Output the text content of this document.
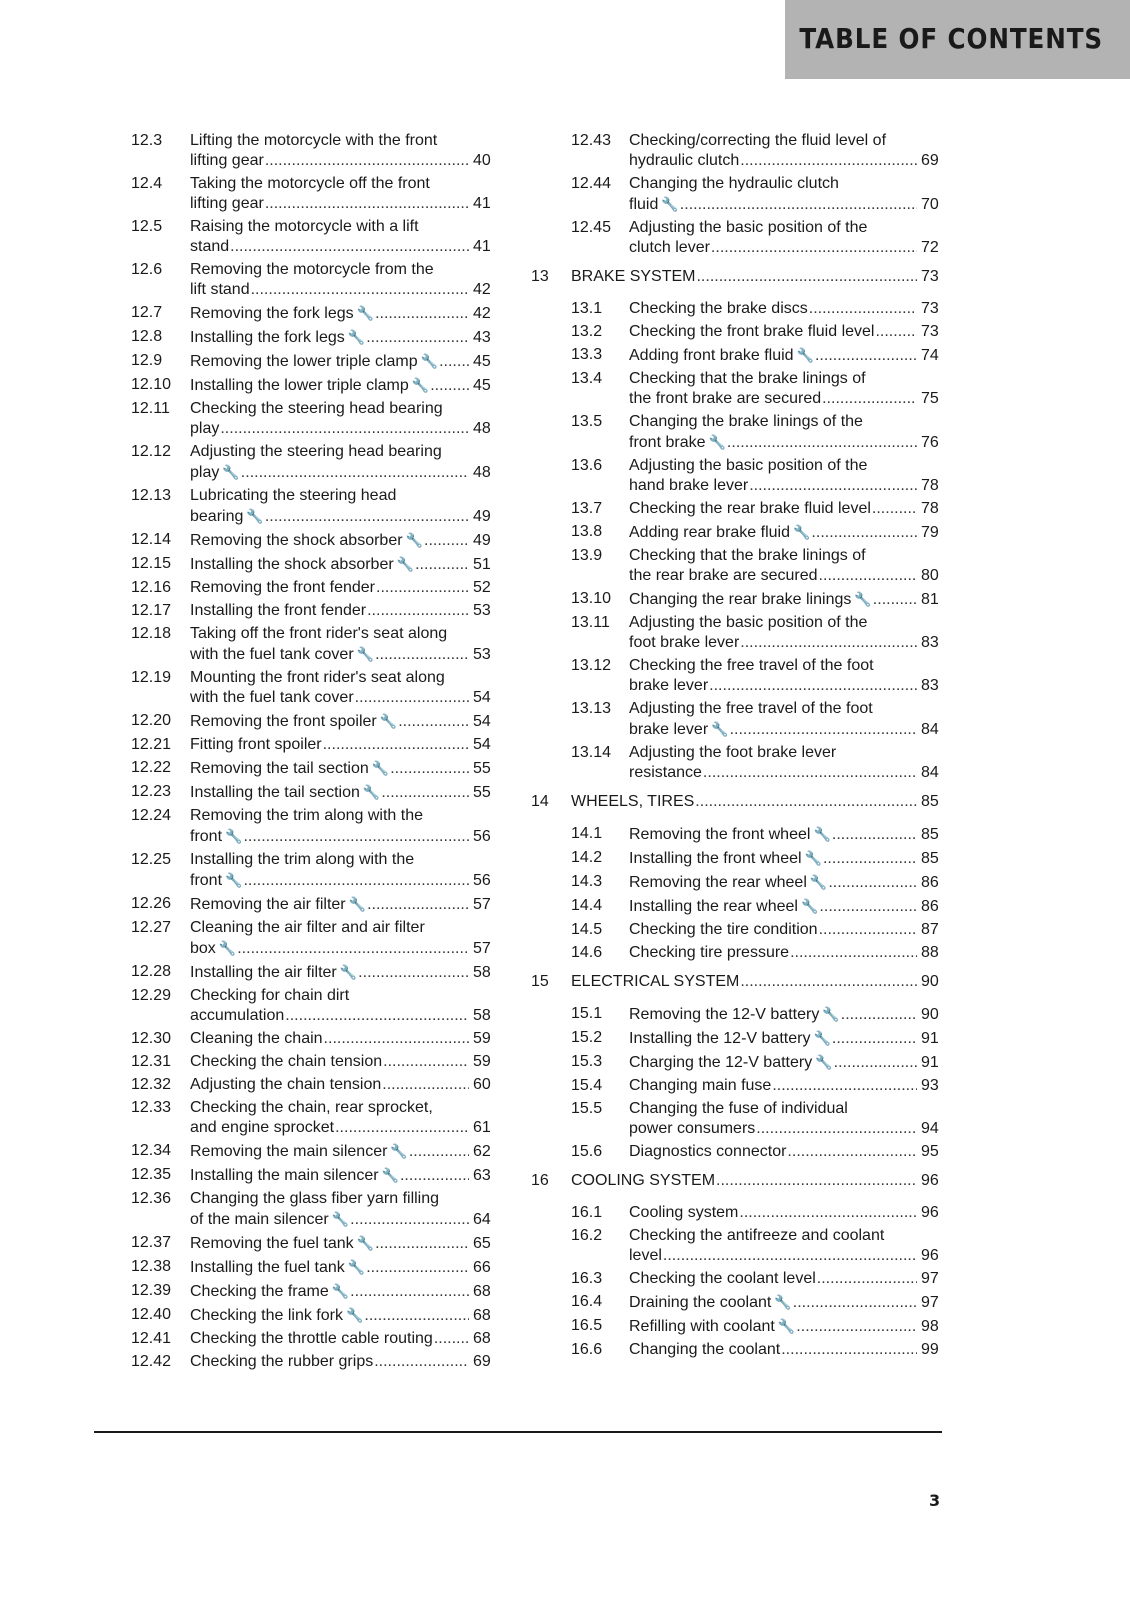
TABLE OF CONTENTS
12.3 Lifting the motorcycle with the front
lifting gear .....	40
12.4 Taking the motorcycle off the front
lifting gear .....	41
12.5 Raising the motorcycle with a lift
stand .....	41
12.6 Removing the motorcycle from the
lift stand .....	42
12.7 Removing the fork legs 🔧 .....	42
12.8 Installing the fork legs 🔧 .....	43
12.9 Removing the lower triple clamp 🔧 ..... 45
12.10 Installing the lower triple clamp 🔧 .....	45
12.11 Checking the steering head bearing
play .....	48
12.12 Adjusting the steering head bearing
play 🔧 .....	48
12.13 Lubricating the steering head
bearing 🔧 .....	49
12.14 Removing the shock absorber 🔧 .....	49
12.15 Installing the shock absorber 🔧 .....	51
12.16 Removing the front fender .....	52
12.17 Installing the front fender .....	53
12.18 Taking off the front rider's seat along
with the fuel tank cover 🔧 .....	53
12.19 Mounting the front rider's seat along
with the fuel tank cover .....	54
12.20 Removing the front spoiler 🔧 .....	54
12.21 Fitting front spoiler .....	54
12.22 Removing the tail section 🔧 .....	55
12.23 Installing the tail section 🔧 .....	55
12.24 Removing the trim along with the
front 🔧 .....	56
12.25 Installing the trim along with the
front 🔧 .....	56
12.26 Removing the air filter 🔧 .....	57
12.27 Cleaning the air filter and air filter
box 🔧 .....	57
12.28 Installing the air filter 🔧 .....	58
12.29 Checking for chain dirt
accumulation .....	58
12.30 Cleaning the chain .....	59
12.31 Checking the chain tension .....	59
12.32 Adjusting the chain tension .....	60
12.33 Checking the chain, rear sprocket,
and engine sprocket .....	61
12.34 Removing the main silencer 🔧 .....	62
12.35 Installing the main silencer 🔧 .....	63
12.36 Changing the glass fiber yarn filling
of the main silencer 🔧 .....	64
12.37 Removing the fuel tank 🔧 .....	65
12.38 Installing the fuel tank 🔧 .....	66
12.39 Checking the frame 🔧 .....	68
12.40 Checking the link fork 🔧 .....	68
12.41 Checking the throttle cable routing .....	68
12.42 Checking the rubber grips .....	69
12.43 Checking/correcting the fluid level of
hydraulic clutch .....	69
12.44 Changing the hydraulic clutch
fluid 🔧 .....	70
12.45 Adjusting the basic position of the
clutch lever .....	72
13 BRAKE SYSTEM .....	73
13.1 Checking the brake discs .....	73
13.2 Checking the front brake fluid level .....	73
13.3 Adding front brake fluid 🔧 .....	74
13.4 Checking that the brake linings of
the front brake are secured .....	75
13.5 Changing the brake linings of the
front brake 🔧 .....	76
13.6 Adjusting the basic position of the
hand brake lever .....	78
13.7 Checking the rear brake fluid level .....	78
13.8 Adding rear brake fluid 🔧 .....	79
13.9 Checking that the brake linings of
the rear brake are secured .....	80
13.10 Changing the rear brake linings 🔧 .....	81
13.11 Adjusting the basic position of the
foot brake lever .....	83
13.12 Checking the free travel of the foot
brake lever .....	83
13.13 Adjusting the free travel of the foot
brake lever 🔧 .....	84
13.14 Adjusting the foot brake lever
resistance .....	84
14 WHEELS, TIRES .....	85
14.1 Removing the front wheel 🔧 .....	85
14.2 Installing the front wheel 🔧 .....	85
14.3 Removing the rear wheel 🔧 .....	86
14.4 Installing the rear wheel 🔧 .....	86
14.5 Checking the tire condition .....	87
14.6 Checking tire pressure .....	88
15 ELECTRICAL SYSTEM .....	90
15.1 Removing the 12-V battery 🔧 .....	90
15.2 Installing the 12-V battery 🔧 .....	91
15.3 Charging the 12-V battery 🔧 .....	91
15.4 Changing main fuse .....	93
15.5 Changing the fuse of individual
power consumers .....	94
15.6 Diagnostics connector .....	95
16 COOLING SYSTEM .....	96
16.1 Cooling system .....	96
16.2 Checking the antifreeze and coolant
level .....	96
16.3 Checking the coolant level .....	97
16.4 Draining the coolant 🔧 .....	97
16.5 Refilling with coolant 🔧 .....	98
16.6 Changing the coolant .....	99
3
